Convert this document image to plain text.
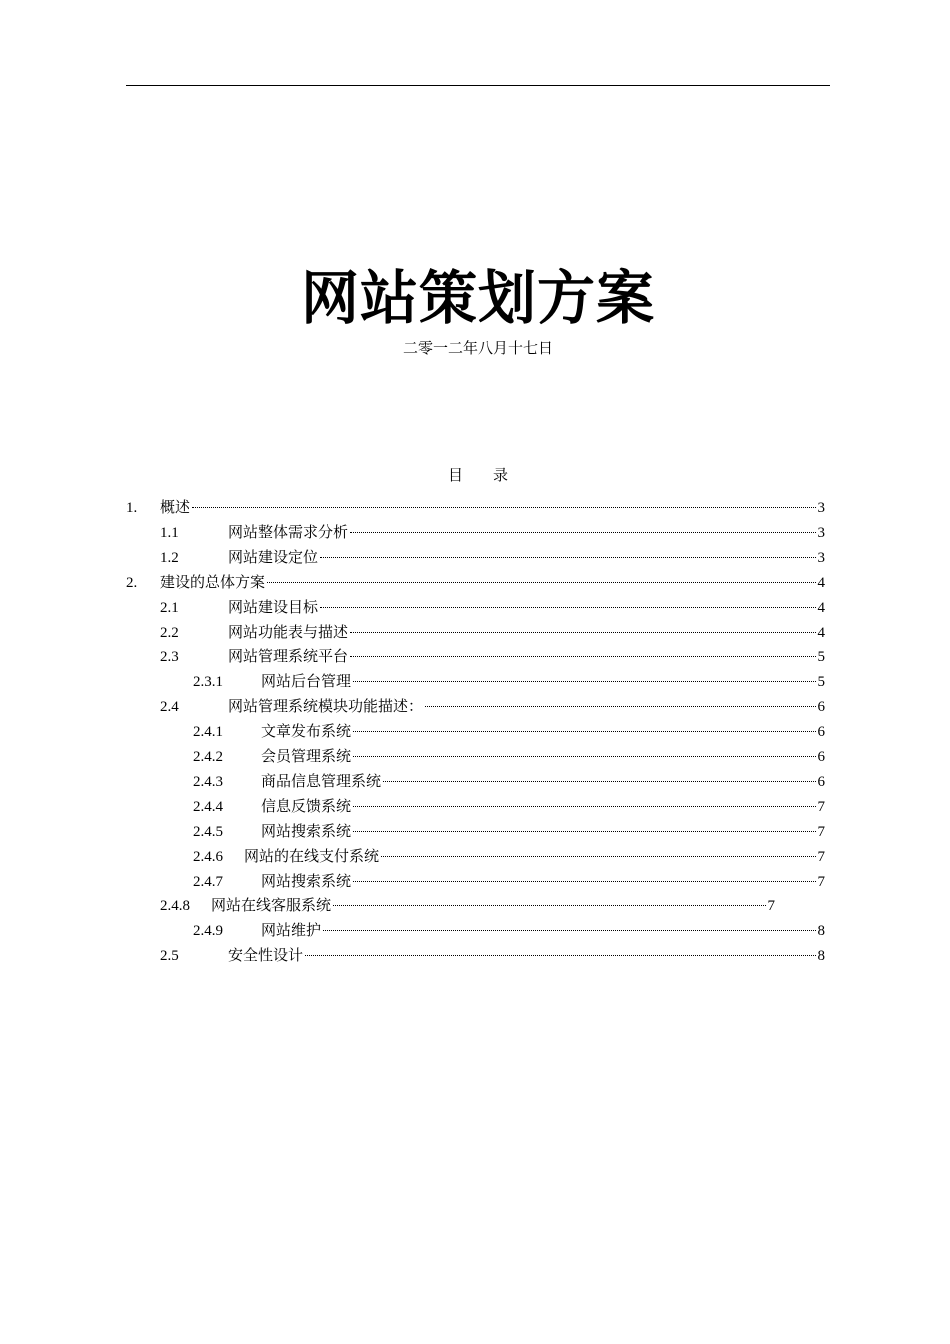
网站策划方案
二零一二年八月十七日
目 录
1.	概述	3
1.1	网站整体需求分析	3
1.2	网站建设定位	3
2.	建设的总体方案	4
2.1	网站建设目标	4
2.2	网站功能表与描述	4
2.3	网站管理系统平台	5
2.3.1	网站后台管理	5
2.4	网站管理系统模块功能描述：	6
2.4.1	文章发布系统	6
2.4.2	会员管理系统	6
2.4.3	商品信息管理系统	6
2.4.4	信息反馈系统	7
2.4.5	网站搜索系统	7
2.4.6	网站的在线支付系统	7
2.4.7	网站搜索系统	7
2.4.8	网站在线客服系统	7
2.4.9	网站维护	8
2.5	安全性设计	8
